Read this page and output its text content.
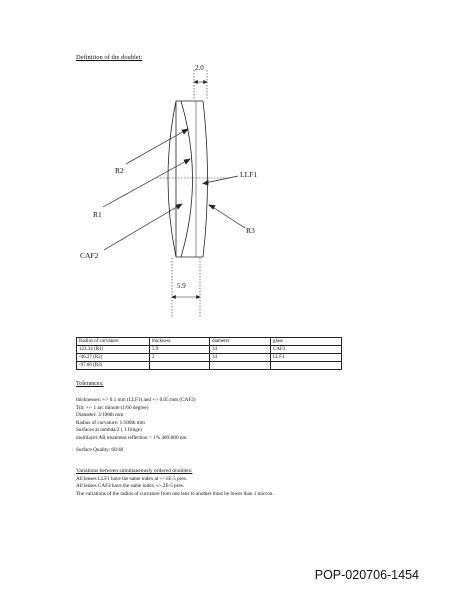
Definition of the doublet:
2.0
R2
R1
CAF2
LLF1
R3
5.9
Radius of curvature	thickness	diameter	glass
123.34 (R1)	5.9	34	CAF2
-46.27 (R2)	2	34	LLF1
-97.06 (R3)			
Tolerances:
thicknesses: +/- 0.1 mm (LLF1) and +/- 0.05 mm (CAF2)
Tilt: +/- 1 arc minute (1/60 degree)
Diameter: 3/100th mm
Radius of curvature: 1/100th mm
Surfaces at lambda/2 ( 1 fringe)
multilayer AR treatment reflection < 1% 400-800 nm
Surface Quality: 60/40
Variations between simultaneously ordered doublets:
All lenses LLF1 have the same index at +/-1E-5 pres.
All lenses CAF2 have the same index +/- 2E-5 pres.
The variations of the radius of curvature from one lens to another must be lower than 1 micron.
POP-020706-1454
